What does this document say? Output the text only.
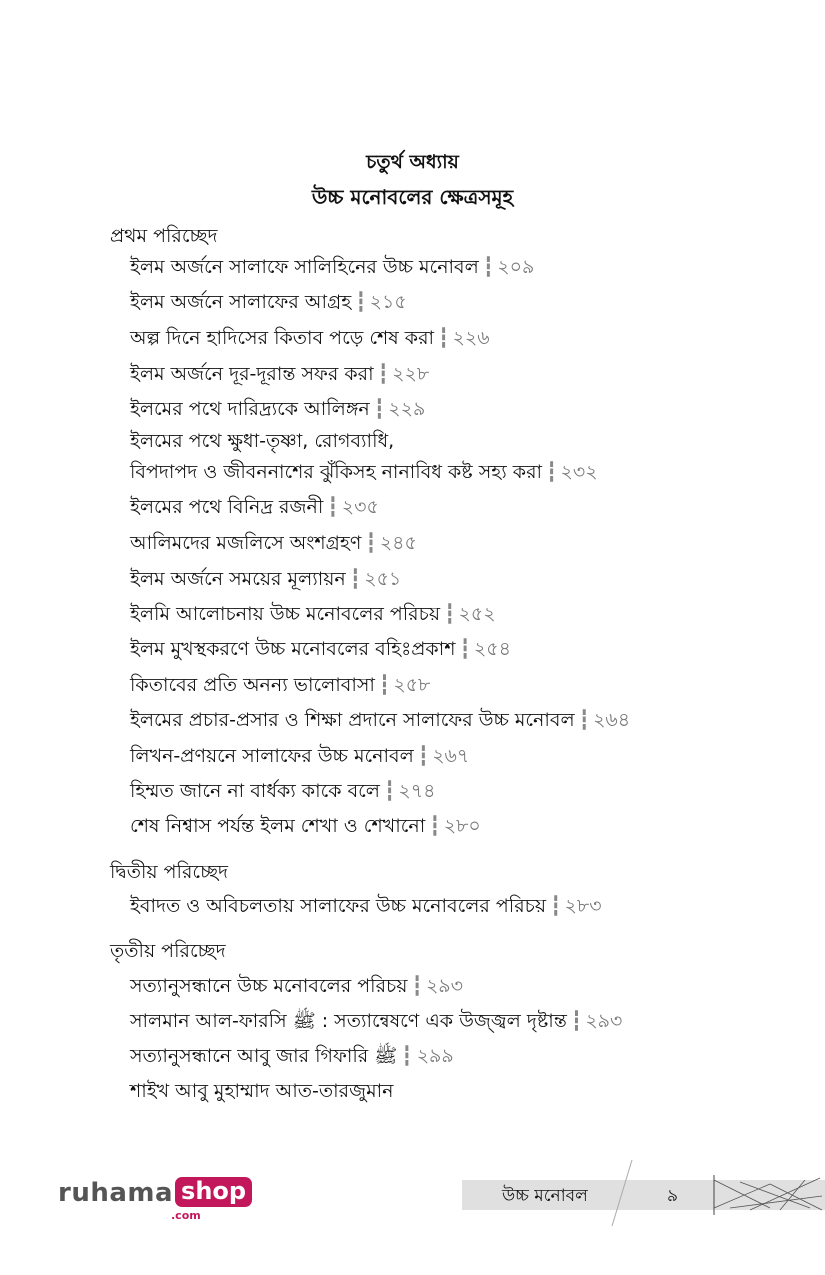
চতুর্থ অধ্যায়
উচ্চ মনোবলের ক্ষেত্রসমূহ
প্রথম পরিচ্ছেদ
ইলম অর্জনে সালাফে সালিহিনের উচ্চ মনোবল ┇ ২০৯
ইলম অর্জনে সালাফের আগ্রহ ┇ ২১৫
অল্প দিনে হাদিসের কিতাব পড়ে শেষ করা ┇ ২২৬
ইলম অর্জনে দূর-দূরান্ত সফর করা ┇ ২২৮
ইলমের পথে দারিদ্র্যকে আলিঙ্গন ┇ ২২৯
ইলমের পথে ক্ষুধা-তৃষ্ণা, রোগব্যাধি,
বিপদাপদ ও জীবননাশের ঝুঁকিসহ নানাবিধ কষ্ট সহ্য করা ┇ ২৩২
ইলমের পথে বিনিদ্র রজনী ┇ ২৩৫
আলিমদের মজলিসে অংশগ্রহণ ┇ ২৪৫
ইলম অর্জনে সময়ের মূল্যায়ন ┇ ২৫১
ইলমি আলোচনায় উচ্চ মনোবলের পরিচয় ┇ ২৫২
ইলম মুখস্থকরণে উচ্চ মনোবলের বহিঃপ্রকাশ ┇ ২৫৪
কিতাবের প্রতি অনন্য ভালোবাসা ┇ ২৫৮
ইলমের প্রচার-প্রসার ও শিক্ষা প্রদানে সালাফের উচ্চ মনোবল ┇ ২৬৪
লিখন-প্রণয়নে সালাফের উচ্চ মনোবল ┇ ২৬৭
হিম্মত জানে না বার্ধক্য কাকে বলে ┇ ২৭৪
শেষ নিশ্বাস পর্যন্ত ইলম শেখা ও শেখানো ┇ ২৮০
দ্বিতীয় পরিচ্ছেদ
ইবাদত ও অবিচলতায় সালাফের উচ্চ মনোবলের পরিচয় ┇ ২৮৩
তৃতীয় পরিচ্ছেদ
সত্যানুসন্ধানে উচ্চ মনোবলের পরিচয় ┇ ২৯৩
সালমান আল-ফারসি ﷺ : সত্যান্বেষণে এক উজ্জ্বল দৃষ্টান্ত ┇ ২৯৩
সত্যানুসন্ধানে আবু জার গিফারি ﷺ ┇ ২৯৯
শাইখ আবু মুহাম্মাদ আত-তারজুমান
ruhama shop
.com
উচ্চ মনোবল	৯
